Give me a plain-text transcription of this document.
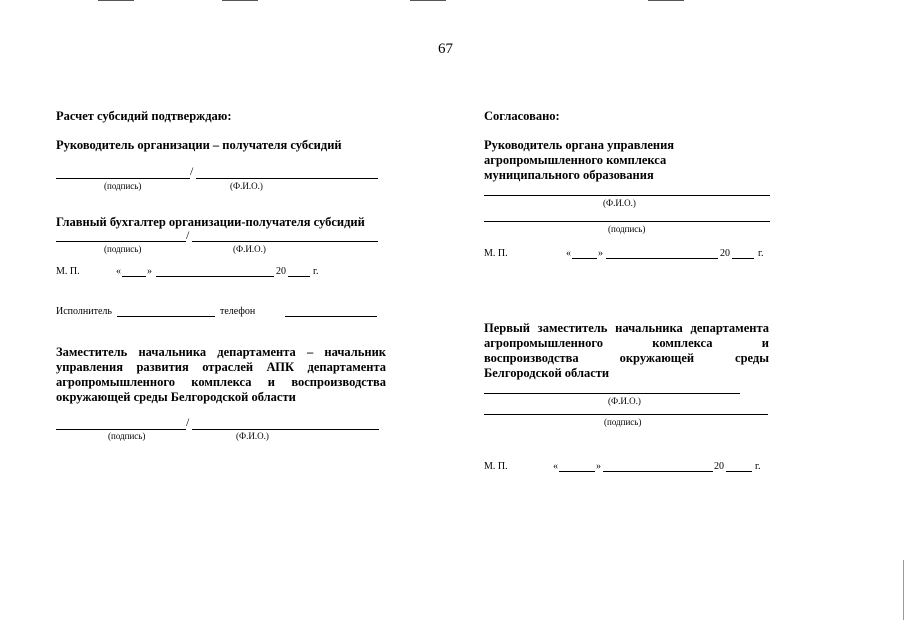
67
Расчет субсидий подтверждаю:
Руководитель организации – получателя субсидий
/
(подпись)	(Ф.И.О.)
Главный бухгалтер организации-получателя субсидий
/
(подпись)	(Ф.И.О.)
М. П.	«	»	20	г.
Исполнитель	телефон
Заместитель начальника департамента – начальник управления развития отраслей АПК департамента агропромышленного комплекса и воспроизводства окружающей среды Белгородской области
/
(подпись)	(Ф.И.О.)
Согласовано:
Руководитель органа управления
агропромышленного комплекса
муниципального образования
(Ф.И.О.)
(подпись)
М. П.	«	»	20	г.
Первый заместитель начальника департамента агропромышленного комплекса и воспроизводства окружающей среды Белгородской области
(Ф.И.О.)
(подпись)
М. П.	«	»	20	г.
